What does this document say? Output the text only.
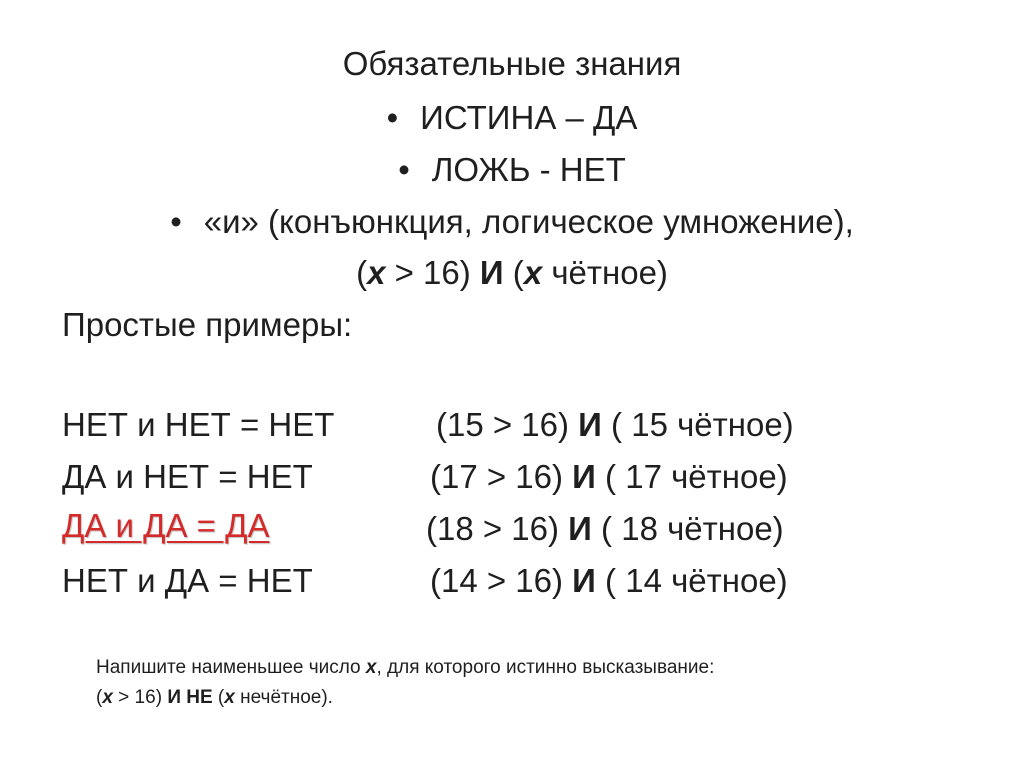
Обязательные знания
• ИСТИНА – ДА
• ЛОЖЬ - НЕТ
• «и» (конъюнкция, логическое умножение),
(x > 16) И (x чётное)
Простые примеры:
НЕТ и НЕТ = НЕТ	(15 > 16) И ( 15 чётное)
ДА и НЕТ = НЕТ	(17 > 16) И ( 17 чётное)
ДА и ДА = ДА	(18 > 16) И ( 18 чётное)
НЕТ и ДА = НЕТ	(14 > 16) И ( 14 чётное)
Напишите наименьшее число x, для которого истинно высказывание:
(x > 16) И НЕ (x нечётное).
